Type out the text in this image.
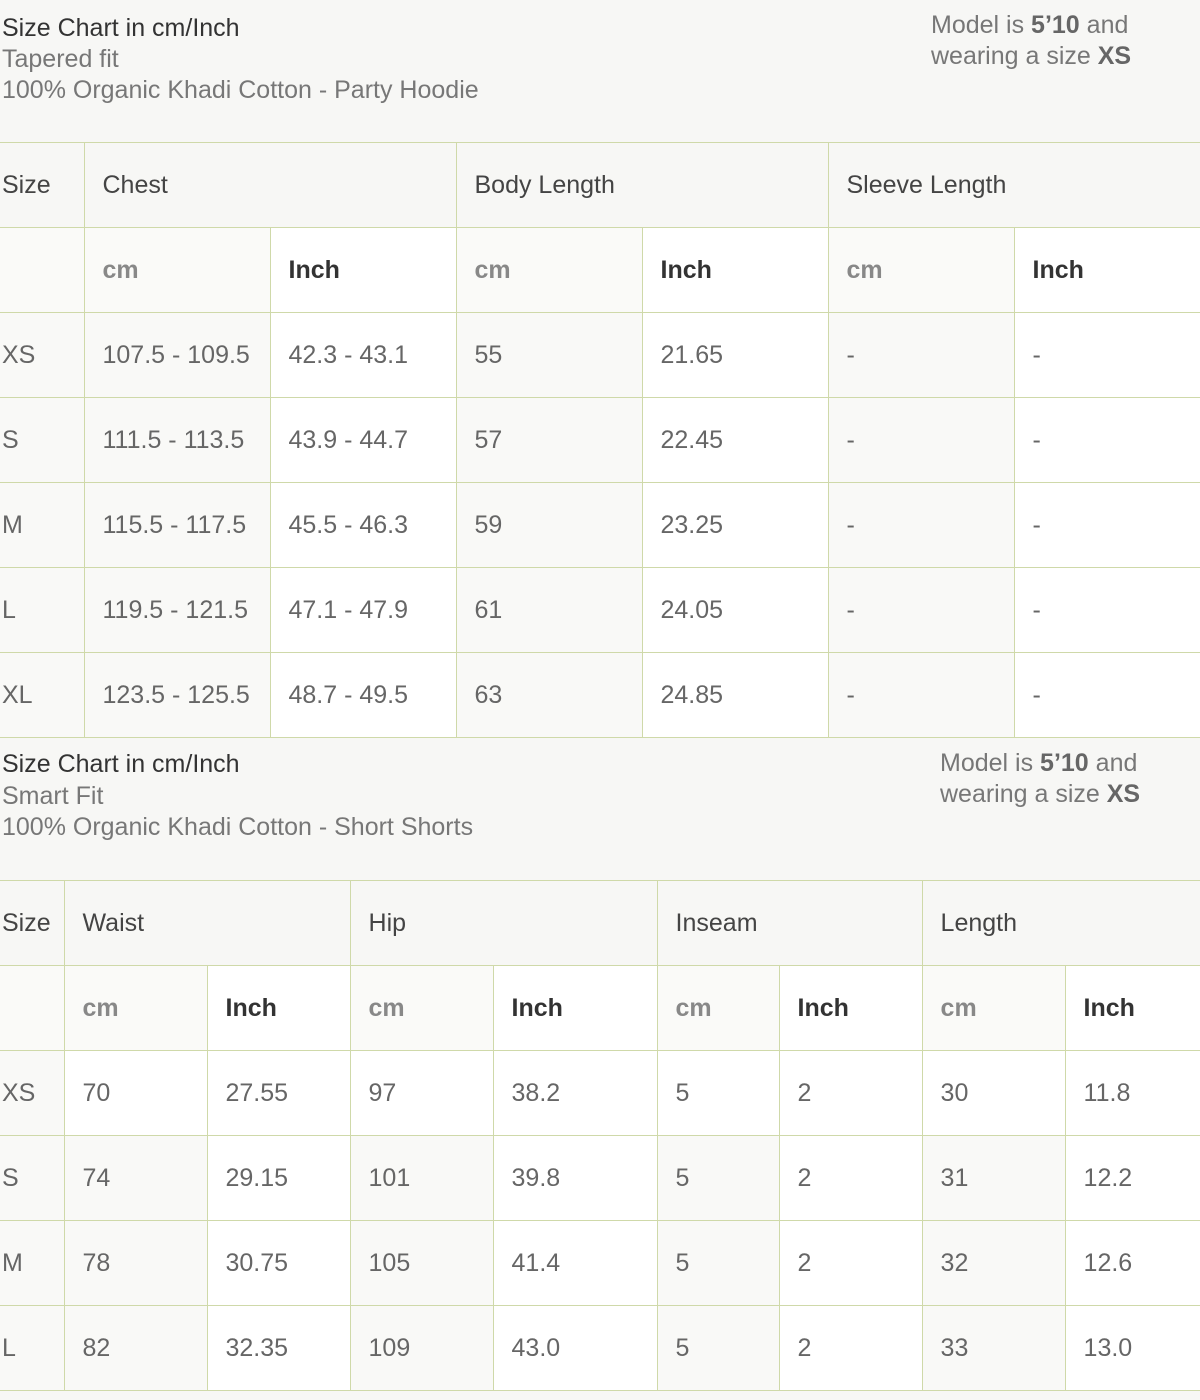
Size Chart in cm/Inch
Tapered fit
100% Organic Khadi Cotton - Party Hoodie
Model is 5’10 and
wearing a size XS
Size	Chest		Body Length		Sleeve Length	
	cm	Inch	cm	Inch	cm	Inch
XS	107.5 - 109.5	42.3 - 43.1	55	21.65	-	-
S	111.5 - 113.5	43.9 - 44.7	57	22.45	-	-
M	115.5 - 117.5	45.5 - 46.3	59	23.25	-	-
L	119.5 - 121.5	47.1 - 47.9	61	24.05	-	-
XL	123.5 - 125.5	48.7 - 49.5	63	24.85	-	-
Size Chart in cm/Inch
Smart Fit
100% Organic Khadi Cotton - Short Shorts
Model is 5’10 and
wearing a size XS
Size	Waist		Hip		Inseam		Length	
	cm	Inch	cm	Inch	cm	Inch	cm	Inch
XS	70	27.55	97	38.2	5	2	30	11.8
S	74	29.15	101	39.8	5	2	31	12.2
M	78	30.75	105	41.4	5	2	32	12.6
L	82	32.35	109	43.0	5	2	33	13.0
